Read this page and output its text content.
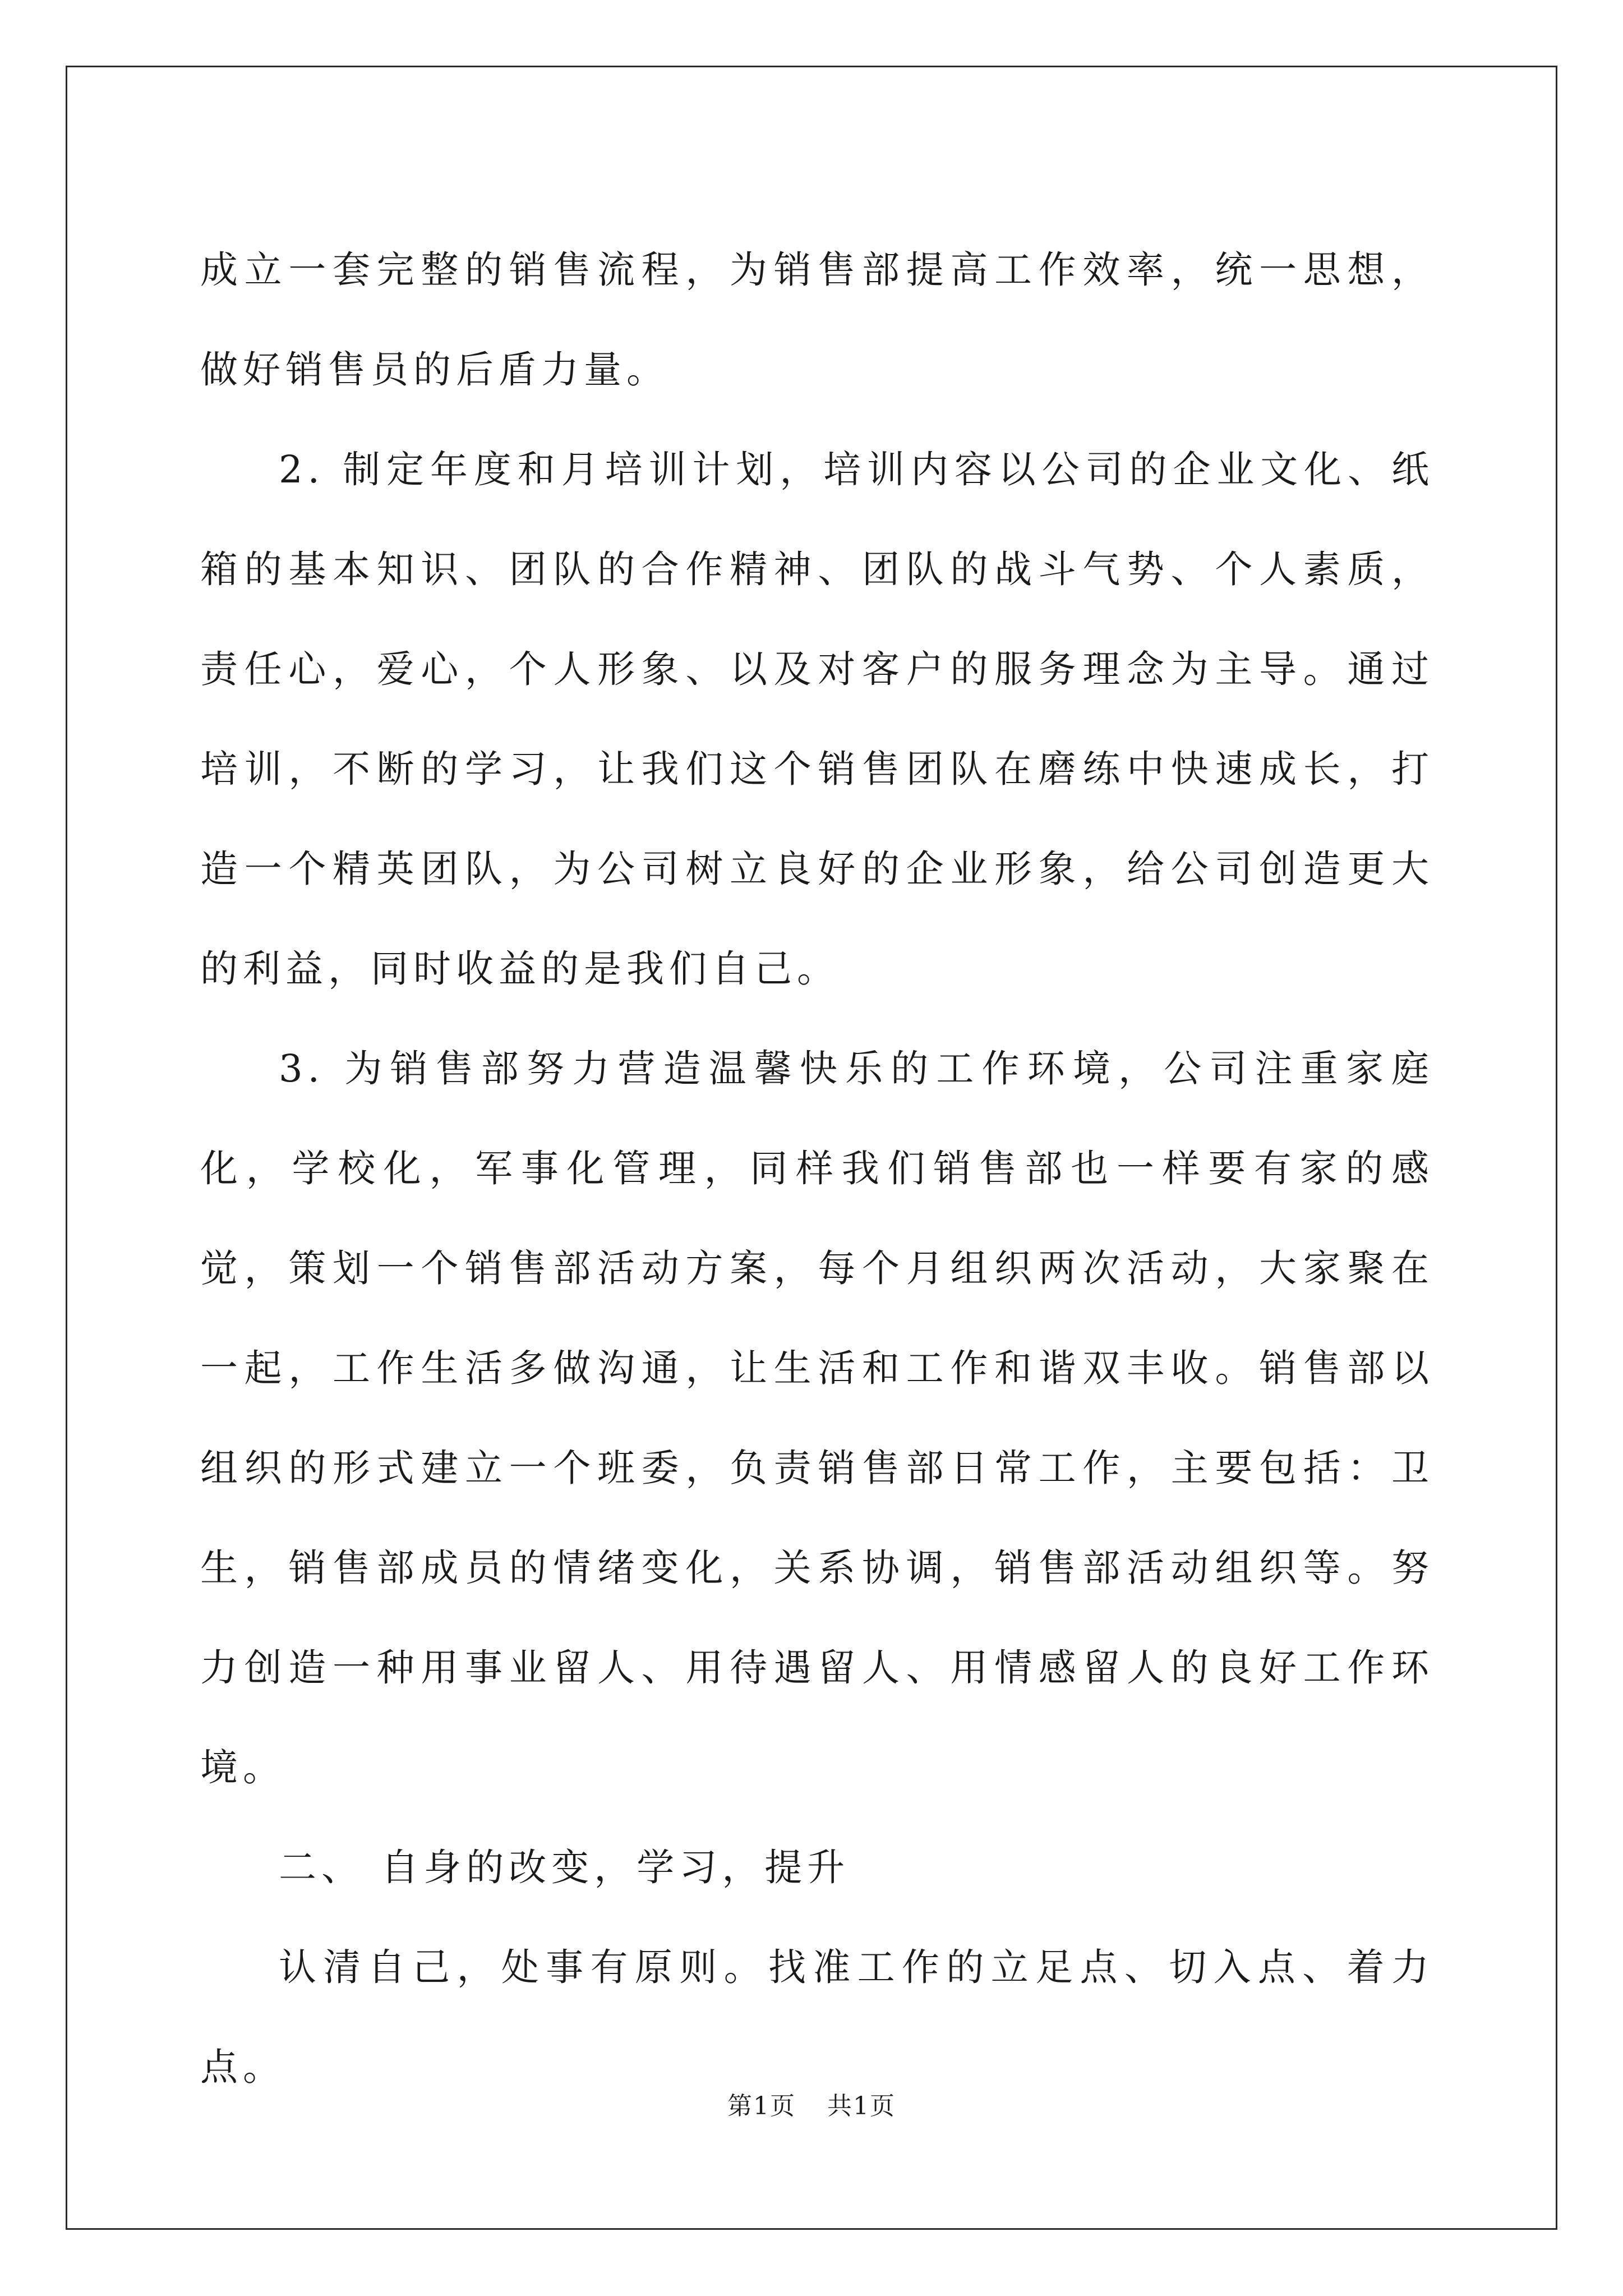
成立一套完整的销售流程，为销售部提高工作效率，统一思想，做好销售员的后盾力量。

2. 制定年度和月培训计划，培训内容以公司的企业文化、纸箱的基本知识、团队的合作精神、团队的战斗气势、个人素质，责任心，爱心，个人形象、以及对客户的服务理念为主导。通过培训，不断的学习，让我们这个销售团队在磨练中快速成长，打造一个精英团队，为公司树立良好的企业形象，给公司创造更大的利益，同时收益的是我们自己。

3. 为销售部努力营造温馨快乐的工作环境，公司注重家庭化，学校化，军事化管理，同样我们销售部也一样要有家的感觉，策划一个销售部活动方案，每个月组织两次活动，大家聚在一起，工作生活多做沟通，让生活和工作和谐双丰收。销售部以组织的形式建立一个班委，负责销售部日常工作，主要包括：卫生，销售部成员的情绪变化，关系协调，销售部活动组织等。努力创造一种用事业留人、用待遇留人、用情感留人的良好工作环境。

二、 自身的改变，学习，提升

认清自己，处事有原则。找准工作的立足点、切入点、着力点。

第1页 共1页
